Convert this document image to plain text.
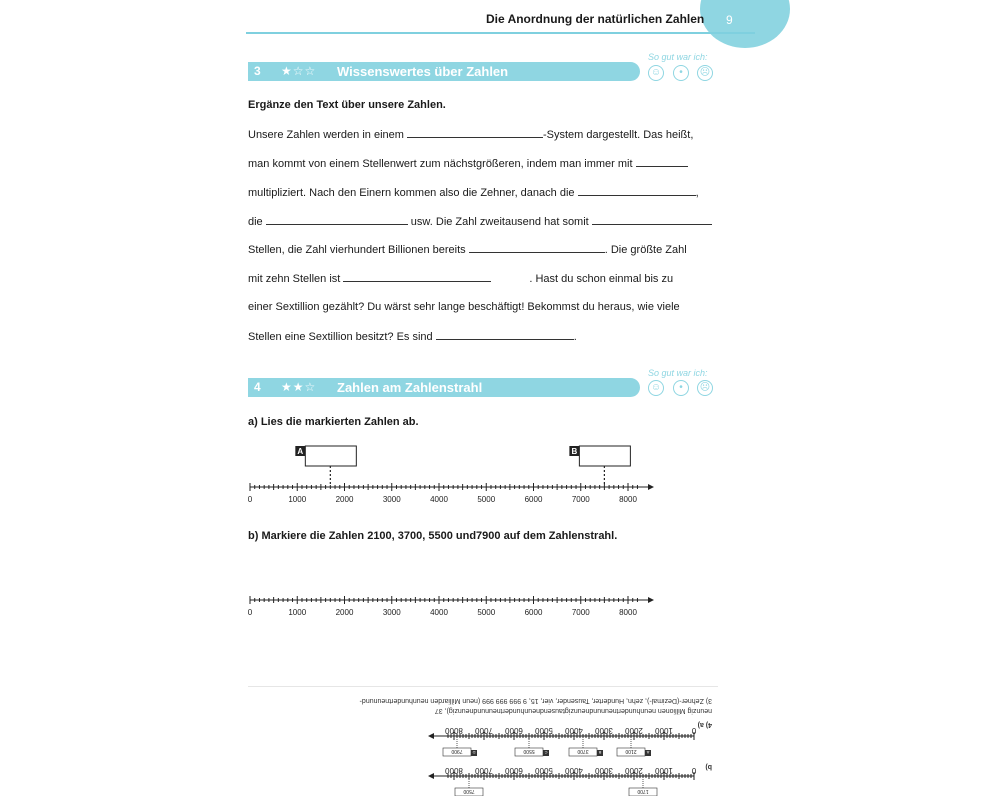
9
Die Anordnung der natürlichen Zahlen
So gut war ich:
☺	•	☹
3 ★☆☆ Wissenswertes über Zahlen
Ergänze den Text über unsere Zahlen.
Unsere Zahlen werden in einem	-System dargestellt. Das heißt,
man kommt von einem Stellenwert zum nächstgrößeren, indem man immer mit
multipliziert. Nach den Einern kommen also die Zehner, danach die	,
die	usw. Die Zahl zweitausend hat somit
Stellen, die Zahl vierhundert Billionen bereits	. Die größte Zahl
mit zehn Stellen ist	. Hast du schon einmal bis zu
einer Sextillion gezählt? Du wärst sehr lange beschäftigt! Bekommst du heraus, wie viele
Stellen eine Sextillion besitzt? Es sind	.
So gut war ich:
☺	•	☹
4 ★★☆ Zahlen am Zahlenstrahl
a) Lies die markierten Zahlen ab.
0	1000	2000	3000	4000	5000	6000	7000	8000
A	B
b) Markiere die Zahlen 2100, 3700, 5500 und7900 auf dem Zahlenstrahl.
0	1000	2000	3000	4000	5000	6000	7000	8000
3) Zehner-(Dezimal-), zehn, Hunderter, Tausender, vier, 15, 9 999 999 999 (neun Milliarden neunhundertneunund-
neunzig Millionen neunhundertneunundneunzigtausendneunhundertneunundneunzig), 37
4) a)
b)
0
1000
2000
3000
4000
5000
6000
7000
8000
0
1000
2000
3000
4000
5000
6000
7000
8000
1700
7500
A
2100
B
3700
C
5500
D
7900
